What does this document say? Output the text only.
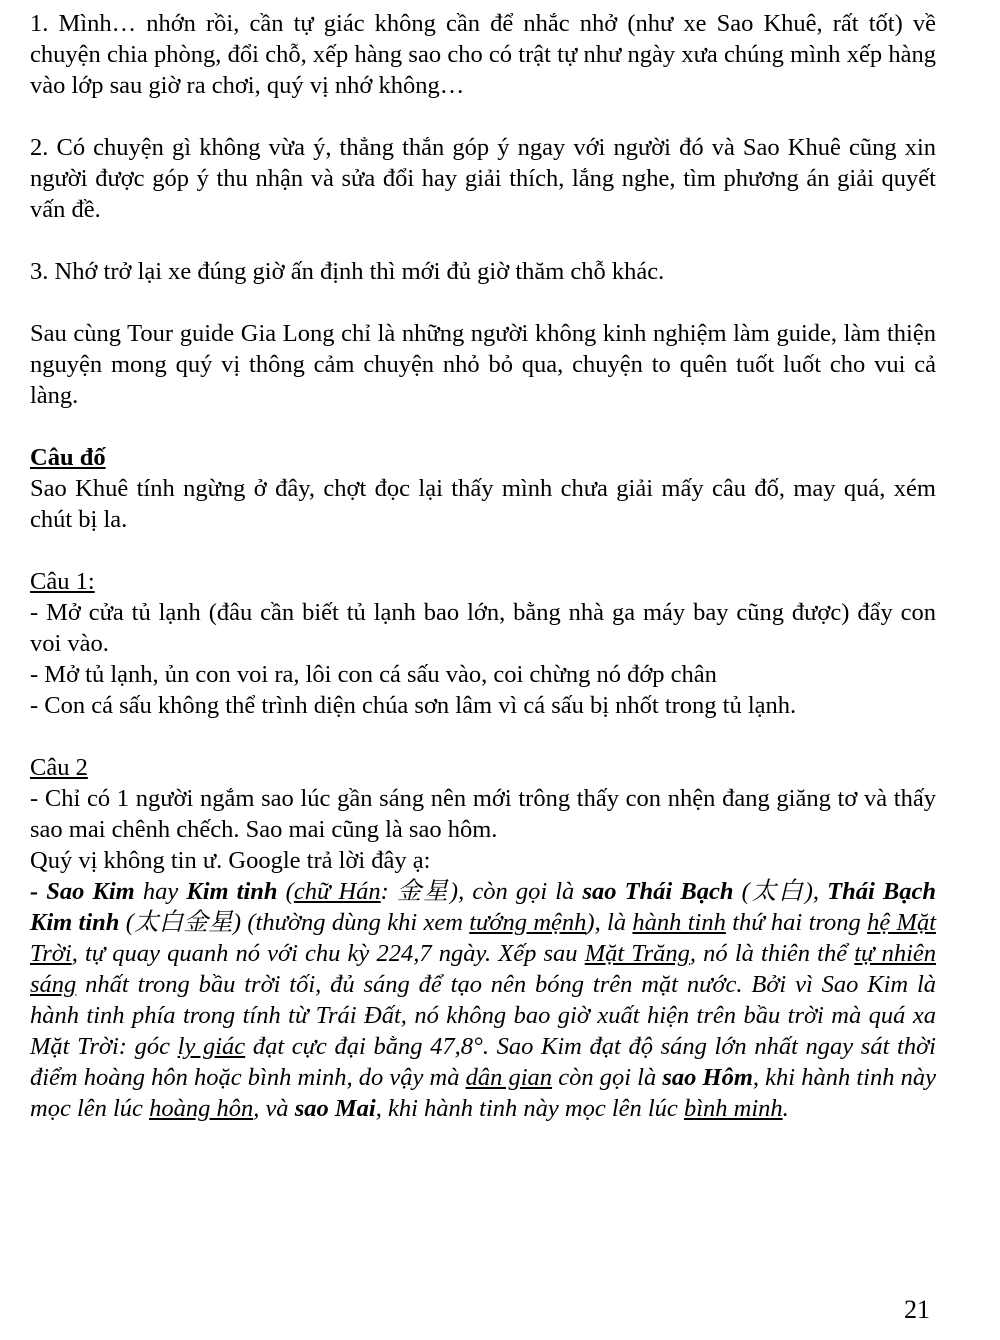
1. Mình… nhớn rồi, cần tự giác không cần để nhắc nhở (như xe Sao Khuê, rất tốt) về chuyện chia phòng, đổi chỗ, xếp hàng sao cho có trật tự như ngày xưa chúng mình xếp hàng vào lớp sau giờ ra chơi, quý vị nhớ không…

2. Có chuyện gì không vừa ý, thẳng thắn góp ý ngay với người đó và Sao Khuê cũng xin người được góp ý thu nhận và sửa đổi hay giải thích, lắng nghe, tìm phương án giải quyết vấn đề.

3. Nhớ trở lại xe đúng giờ ấn định thì mới đủ giờ thăm chỗ khác.

Sau cùng Tour guide Gia Long chỉ là những người không kinh nghiệm làm guide, làm thiện nguyện mong quý vị thông cảm chuyện nhỏ bỏ qua, chuyện to quên tuốt luốt cho vui cả làng.

Câu đố

Sao Khuê tính ngừng ở đây, chợt đọc lại thấy mình chưa giải mấy câu đố, may quá, xém chút bị la.

Câu 1:

- Mở cửa tủ lạnh (đâu cần biết tủ lạnh bao lớn, bằng nhà ga máy bay cũng được) đẩy con voi vào.

- Mở tủ lạnh, ủn con voi ra, lôi con cá sấu vào, coi chừng nó đớp chân

- Con cá sấu không thể trình diện chúa sơn lâm vì cá sấu bị nhốt trong tủ lạnh.

Câu 2

- Chỉ có 1 người ngắm sao lúc gần sáng nên mới trông thấy con nhện đang giăng tơ và thấy sao mai chênh chếch. Sao mai cũng là sao hôm.

Quý vị không tin ư. Google trả lời đây ạ:

- Sao Kim hay Kim tinh (chữ Hán: 金星), còn gọi là sao Thái Bạch (太白), Thái Bạch Kim tinh (太白金星) (thường dùng khi xem tướng mệnh), là hành tinh thứ hai trong hệ Mặt Trời, tự quay quanh nó với chu kỳ 224,7 ngày. Xếp sau Mặt Trăng, nó là thiên thể tự nhiên sáng nhất trong bầu trời tối, đủ sáng để tạo nên bóng trên mặt nước. Bởi vì Sao Kim là hành tinh phía trong tính từ Trái Đất, nó không bao giờ xuất hiện trên bầu trời mà quá xa Mặt Trời: góc ly giác đạt cực đại bằng 47,8°. Sao Kim đạt độ sáng lớn nhất ngay sát thời điểm hoàng hôn hoặc bình minh, do vậy mà dân gian còn gọi là sao Hôm, khi hành tinh này mọc lên lúc hoàng hôn, và sao Mai, khi hành tinh này mọc lên lúc bình minh.

21
